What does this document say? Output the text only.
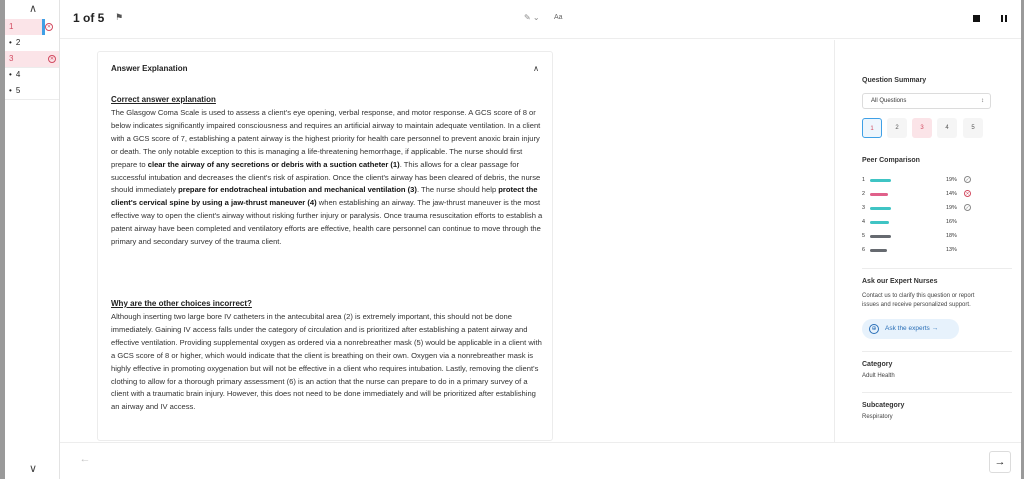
∧
1	✕
• 2
3	✕
• 4
• 5
∨
1 of 5 ⚑	✎ ⌄ Aa
Answer Explanation	∧
Correct answer explanation
The Glasgow Coma Scale is used to assess a client's eye opening, verbal response, and motor response. A GCS score of 8 or below indicates significantly impaired consciousness and requires an artificial airway to maintain adequate ventilation. In a client with a GCS score of 7, establishing a patent airway is the highest priority for health care personnel to prevent anoxic brain injury or death. The only notable exception to this is managing a life-threatening hemorrhage, if applicable. The nurse should first prepare to clear the airway of any secretions or debris with a suction catheter (1). This allows for a clear passage for successful intubation and decreases the client's risk of aspiration. Once the client's airway has been cleared of debris, the nurse should immediately prepare for endotracheal intubation and mechanical ventilation (3). The nurse should help protect the client's cervical spine by using a jaw-thrust maneuver (4) when establishing an airway. The jaw-thrust maneuver is the most effective way to open the client's airway without risking further injury or paralysis. Once trauma resuscitation efforts to establish a patent airway have been completed and ventilatory efforts are effective, health care personnel can continue to move through the primary and secondary survey of the trauma client.
Why are the other choices incorrect?
Although inserting two large bore IV catheters in the antecubital area (2) is extremely important, this should not be done immediately. Gaining IV access falls under the category of circulation and is prioritized after establishing a patent airway and effective ventilation. Providing supplemental oxygen as ordered via a nonrebreather mask (5) would be applicable in a client with a GCS score of 8 or higher, which would indicate that the client is breathing on their own. Oxygen via a nonrebreather mask is highly effective in promoting oxygenation but will not be effective in a client who requires intubation. Lastly, removing the client's clothing to allow for a thorough primary assessment (6) is an action that the nurse can prepare to do in a primary survey of a client with a traumatic brain injury. However, this does not need to be done immediately and will be prioritized after establishing an airway and IV access.
Question Summary
All Questions	↕
1	2	3	4	5
Peer Comparison
1	19%	✓
2	14%	✕
3	19%	✓
4	16%
5	18%
6	13%
Ask our Expert Nurses
Contact us to clarify this question or report
issues and receive personalized support.
⊕	Ask the experts →
Category
Adult Health
Subcategory
Respiratory
←	→
